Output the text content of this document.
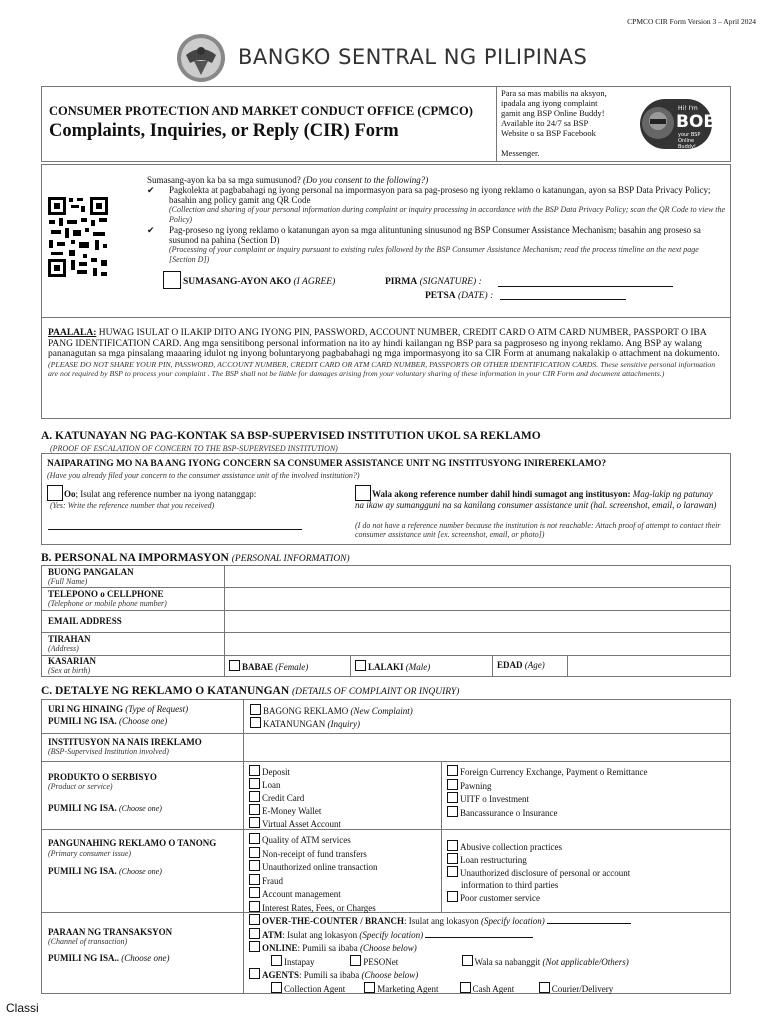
CPMCO CIR Form Version 3 – April 2024
BANGKO SENTRAL NG PILIPINAS
CONSUMER PROTECTION AND MARKET CONDUCT OFFICE (CPMCO)
Complaints, Inquiries, or Reply (CIR) Form
Para sa mas mabilis na aksyon,
ipadala ang iyong complaint
gamit ang BSP Online Buddy!
Available ito 24/7 sa BSP
Website o sa BSP Facebook
Messenger.
Hi! I'm
BOB
your BSP Online Buddy!
Sumasang-ayon ka ba sa mga sumusunod? (Do you consent to the following?)
✔	Pagkolekta at pagbabahagi ng iyong personal na impormasyon para sa pag-proseso ng iyong reklamo o katanungan, ayon sa BSP Data Privacy Policy; basahin ang policy gamit ang QR Code
(Collection and sharing of your personal information during complaint or inquiry processing in accordance with the BSP Data Privacy Policy; scan the QR Code to view the Policy)
✔	Pag-proseso ng iyong reklamo o katanungan ayon sa mga alituntuning sinusunod ng BSP Consumer Assistance Mechanism; basahin ang proseso sa susunod na pahina (Section D)
(Processing of your complaint or inquiry pursuant to existing rules followed by the BSP Consumer Assistance Mechanism; read the process timeline on the next page [Section D])
SUMASANG-AYON AKO (I AGREE)	PIRMA (SIGNATURE) :
PETSA (DATE) :
PAALALA: HUWAG ISULAT O ILAKIP DITO ANG IYONG PIN, PASSWORD, ACCOUNT NUMBER, CREDIT CARD O ATM CARD NUMBER, PASSPORT O IBA PANG IDENTIFICATION CARD. Ang mga sensitibong personal information na ito ay hindi kailangan ng BSP para sa pagproseso ng inyong reklamo. Ang BSP ay walang pananagutan sa mga pinsalang maaaring idulot ng inyong boluntaryong pagbabahagi ng mga impormasyong ito sa CIR Form at anumang nakalakip o attachment na dokumento.
(PLEASE DO NOT SHARE YOUR PIN, PASSWORD, ACCOUNT NUMBER, CREDIT CARD OR ATM CARD NUMBER, PASSPORTS OR OTHER IDENTIFICATION CARDS. These sensitive personal information are not required by BSP to process your complaint . The BSP shall not be liable for damages arising from your voluntary sharing of these information in your CIR Form and document attachments.)
A. KATUNAYAN NG PAG-KONTAK SA BSP-SUPERVISED INSTITUTION UKOL SA REKLAMO
(PROOF OF ESCALATION OF CONCERN TO THE BSP-SUPERVISED INSTITUTION)
NAIPARATING MO NA BA ANG IYONG CONCERN SA CONSUMER ASSISTANCE UNIT NG INSTITUSYONG INIREREKLAMO?
(Have you already filed your concern to the consumer assistance unit of the involved institution?)
Oo; Isulat ang reference number na iyong natanggap:
(Yes: Write the reference number that you received)
Wala akong reference number dahil hindi sumagot ang institusyon: Mag-lakip ng patunay na ikaw ay sumangguni na sa kanilang consumer assistance unit (hal. screenshot, email, o larawan)
(I do not have a reference number because the institution is not reachable: Attach proof of attempt to contact their consumer assistance unit [ex. screenshot, email, or photo])
B. PERSONAL NA IMPORMASYON (PERSONAL INFORMATION)
BUONG PANGALAN
(Full Name)
TELEPONO o CELLPHONE
(Telephone or mobile phone number)
EMAIL ADDRESS
TIRAHAN
(Address)
KASARIAN
(Sex at birth)	BABAE (Female)	LALAKI (Male)	EDAD (Age)
C. DETALYE NG REKLAMO O KATANUNGAN (DETAILS OF COMPLAINT OR INQUIRY)
URI NG HINAING (Type of Request)
PUMILI NG ISA. (Choose one)
BAGONG REKLAMO (New Complaint)
KATANUNGAN (Inquiry)
INSTITUSYON NA NAIS IREKLAMO
(BSP-Supervised Institution involved)
PRODUKTO O SERBISYO
(Product or service)
PUMILI NG ISA. (Choose one)
Deposit
Loan
Credit Card
E-Money Wallet
Virtual Asset Account
Foreign Currency Exchange, Payment o Remittance
Pawning
UITF o Investment
Bancassurance o Insurance
PANGUNAHING REKLAMO O TANONG
(Primary consumer issue)
PUMILI NG ISA. (Choose one)
Quality of ATM services
Non-receipt of fund transfers
Unauthorized online transaction
Fraud
Account management
Interest Rates, Fees, or Charges
Abusive collection practices
Loan restructuring
Unauthorized disclosure of personal or account
information to third parties
Poor customer service
PARAAN NG TRANSAKSYON
(Channel of transaction)
PUMILI NG ISA.. (Choose one)
OVER-THE-COUNTER / BRANCH: Isulat ang lokasyon (Specify location)
ATM: Isulat ang lokasyon (Specify location)
ONLINE: Pumili sa ibaba (Choose below)
Instapay	PESONet	Wala sa nabanggit (Not applicable/Others)
AGENTS: Pumili sa ibaba (Choose below)
Collection Agent	Marketing Agent	Cash Agent	Courier/Delivery
Classi
